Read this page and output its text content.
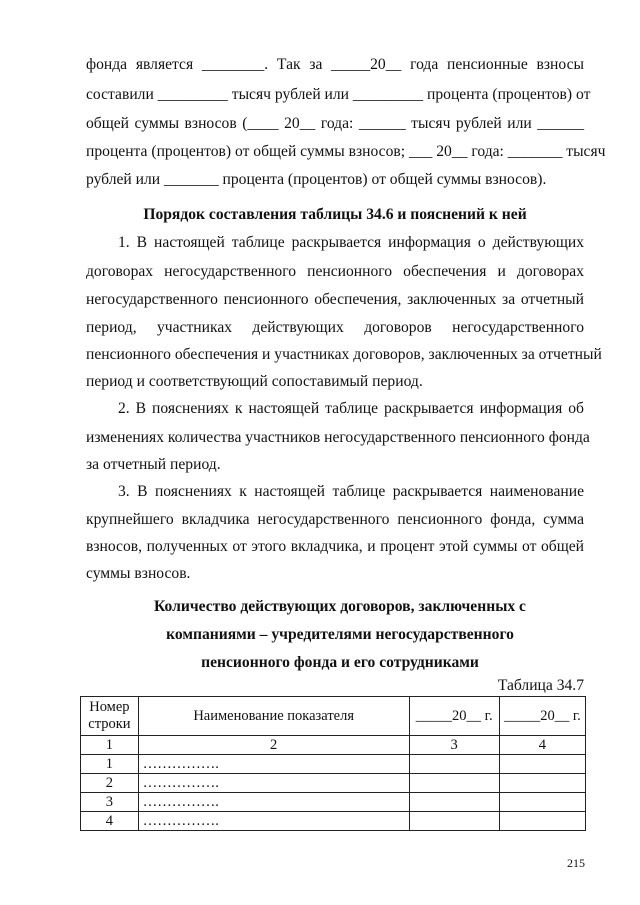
фонда является ________. Так за _____20__ года пенсионные взносы
составили _________ тысяч рублей или _________ процента (процентов) от
общей суммы взносов (____ 20__ года: ______ тысяч рублей или ______
процента (процентов) от общей суммы взносов; ___ 20__ года: _______ тысяч
рублей или _______ процента (процентов) от общей суммы взносов).
Порядок составления таблицы 34.6 и пояснений к ней
1. В настоящей таблице раскрывается информация о действующих
договорах негосударственного пенсионного обеспечения и договорах
негосударственного пенсионного обеспечения, заключенных за отчетный
период, участниках действующих договоров негосударственного
пенсионного обеспечения и участниках договоров, заключенных за отчетный
период и соответствующий сопоставимый период.
2. В пояснениях к настоящей таблице раскрывается информация об
изменениях количества участников негосударственного пенсионного фонда
за отчетный период.
3. В пояснениях к настоящей таблице раскрывается наименование
крупнейшего вкладчика негосударственного пенсионного фонда, сумма
взносов, полученных от этого вкладчика, и процент этой суммы от общей
суммы взносов.
Количество действующих договоров, заключенных с
компаниями – учредителями негосударственного
пенсионного фонда и его сотрудниками
Таблица 34.7
Номер строки	Наименование показателя	_____20__ г.	_____20__ г.
1	2	3	4
1	…………….		
2	…………….		
3	…………….		
4	…………….		
215
